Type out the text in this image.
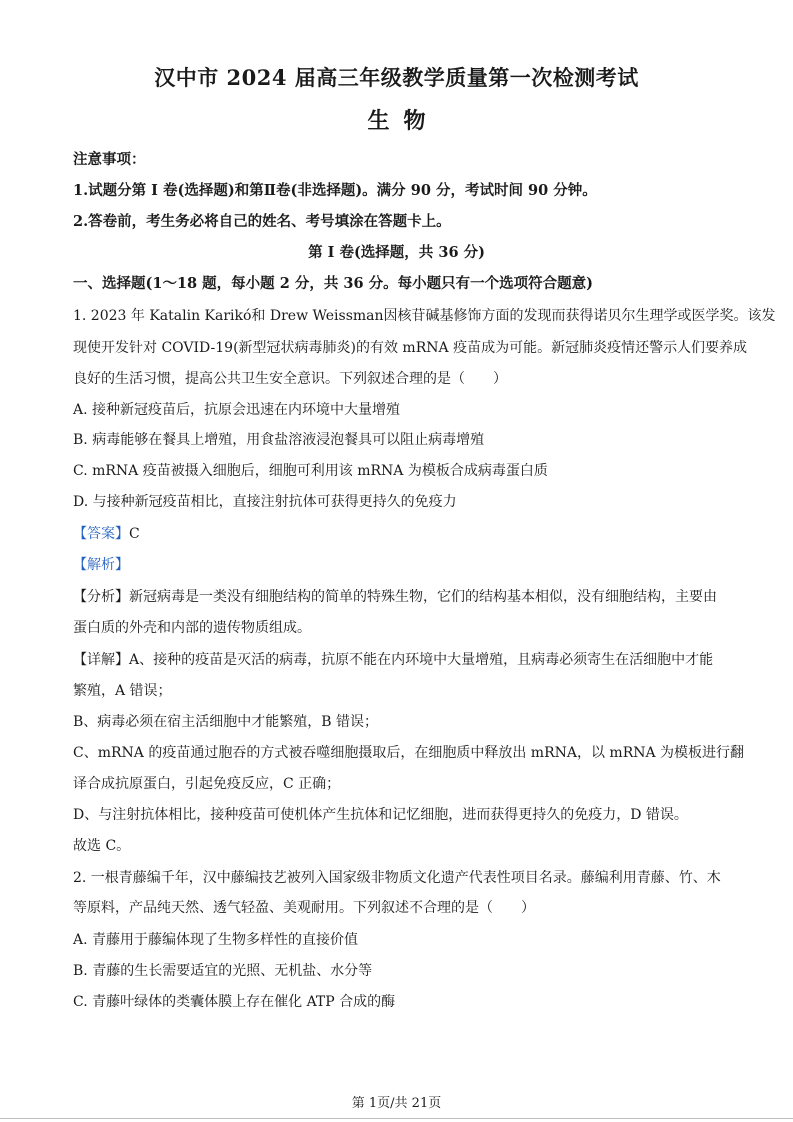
汉中市 2024 届高三年级教学质量第一次检测考试
生物
注意事项：
1.试题分第 I 卷(选择题)和第Ⅱ卷(非选择题)。满分 90 分，考试时间 90 分钟。
2.答卷前，考生务必将自己的姓名、考号填涂在答题卡上。
第 I 卷(选择题，共 36 分)
一、选择题(1～18 题，每小题 2 分，共 36 分。每小题只有一个选项符合题意)
1. 2023 年 Katalin Karikó和 Drew Weissman因核苷碱基修饰方面的发现而获得诺贝尔生理学或医学奖。该发
现使开发针对 COVID-19(新型冠状病毒肺炎)的有效 mRNA 疫苗成为可能。新冠肺炎疫情还警示人们要养成
良好的生活习惯，提高公共卫生安全意识。下列叙述合理的是（　　）
A. 接种新冠疫苗后，抗原会迅速在内环境中大量增殖
B. 病毒能够在餐具上增殖，用食盐溶液浸泡餐具可以阻止病毒增殖
C. mRNA 疫苗被摄入细胞后，细胞可利用该 mRNA 为模板合成病毒蛋白质
D. 与接种新冠疫苗相比，直接注射抗体可获得更持久的免疫力
【答案】C
【解析】
【分析】新冠病毒是一类没有细胞结构的简单的特殊生物，它们的结构基本相似，没有细胞结构，主要由
蛋白质的外壳和内部的遗传物质组成。
【详解】A、接种的疫苗是灭活的病毒，抗原不能在内环境中大量增殖，且病毒必须寄生在活细胞中才能
繁殖，A 错误；
B、病毒必须在宿主活细胞中才能繁殖，B 错误；
C、mRNA 的疫苗通过胞吞的方式被吞噬细胞摄取后，在细胞质中释放出 mRNA，以 mRNA 为模板进行翻
译合成抗原蛋白，引起免疫反应，C 正确；
D、与注射抗体相比，接种疫苗可使机体产生抗体和记忆细胞，进而获得更持久的免疫力，D 错误。
故选 C。
2. 一根青藤编千年，汉中藤编技艺被列入国家级非物质文化遗产代表性项目名录。藤编利用青藤、竹、木
等原料，产品纯天然、透气轻盈、美观耐用。下列叙述不合理的是（　　）
A. 青藤用于藤编体现了生物多样性的直接价值
B. 青藤的生长需要适宜的光照、无机盐、水分等
C. 青藤叶绿体的类囊体膜上存在催化 ATP 合成的酶
第 1页/共 21页
